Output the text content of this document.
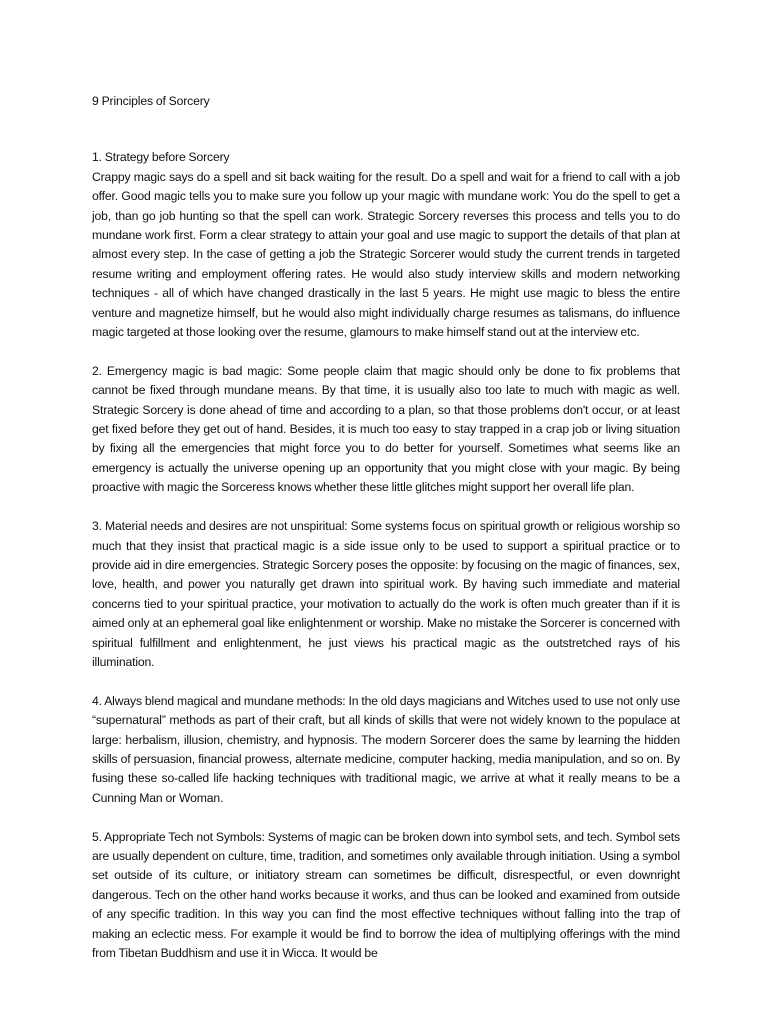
9 Principles of Sorcery

1. Strategy before Sorcery

Crappy magic says do a spell and sit back waiting for the result. Do a spell and wait for a friend to call with a job offer. Good magic tells you to make sure you follow up your magic with mundane work: You do the spell to get a job, than go job hunting so that the spell can work. Strategic Sorcery reverses this process and tells you to do mundane work first. Form a clear strategy to attain your goal and use magic to support the details of that plan at almost every step. In the case of getting a job the Strategic Sorcerer would study the current trends in targeted resume writing and employment offering rates. He would also study interview skills and modern networking techniques - all of which have changed drastically in the last 5 years. He might use magic to bless the entire venture and magnetize himself, but he would also might individually charge resumes as talismans, do influence magic targeted at those looking over the resume, glamours to make himself stand out at the interview etc.

2. Emergency magic is bad magic: Some people claim that magic should only be done to fix problems that cannot be fixed through mundane means. By that time, it is usually also too late to much with magic as well. Strategic Sorcery is done ahead of time and according to a plan, so that those problems don't occur, or at least get fixed before they get out of hand. Besides, it is much too easy to stay trapped in a crap job or living situation by fixing all the emergencies that might force you to do better for yourself. Sometimes what seems like an emergency is actually the universe opening up an opportunity that you might close with your magic. By being proactive with magic the Sorceress knows whether these little glitches might support her overall life plan.

3. Material needs and desires are not unspiritual: Some systems focus on spiritual growth or religious worship so much that they insist that practical magic is a side issue only to be used to support a spiritual practice or to provide aid in dire emergencies. Strategic Sorcery poses the opposite: by focusing on the magic of finances, sex, love, health, and power you naturally get drawn into spiritual work. By having such immediate and material concerns tied to your spiritual practice, your motivation to actually do the work is often much greater than if it is aimed only at an ephemeral goal like enlightenment or worship. Make no mistake the Sorcerer is concerned with spiritual fulfillment and enlightenment, he just views his practical magic as the outstretched rays of his illumination.

4. Always blend magical and mundane methods: In the old days magicians and Witches used to use not only use “supernatural” methods as part of their craft, but all kinds of skills that were not widely known to the populace at large: herbalism, illusion, chemistry, and hypnosis. The modern Sorcerer does the same by learning the hidden skills of persuasion, financial prowess, alternate medicine, computer hacking, media manipulation, and so on. By fusing these so-called life hacking techniques with traditional magic, we arrive at what it really means to be a Cunning Man or Woman.

5. Appropriate Tech not Symbols: Systems of magic can be broken down into symbol sets, and tech. Symbol sets are usually dependent on culture, time, tradition, and sometimes only available through initiation. Using a symbol set outside of its culture, or initiatory stream can sometimes be difficult, disrespectful, or even downright dangerous. Tech on the other hand works because it works, and thus can be looked and examined from outside of any specific tradition. In this way you can find the most effective techniques without falling into the trap of making an eclectic mess. For example it would be find to borrow the idea of multiplying offerings with the mind from Tibetan Buddhism and use it in Wicca. It would be
